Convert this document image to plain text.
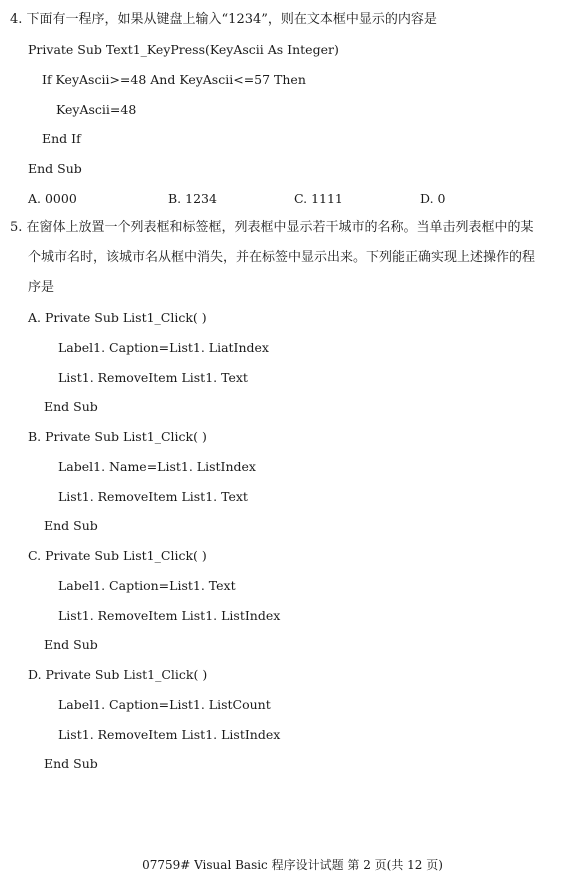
4. 下面有一程序，如果从键盘上输入“1234”，则在文本框中显示的内容是
Private Sub Text1_KeyPress(KeyAscii As Integer)
If KeyAscii>=48 And KeyAscii<=57 Then
KeyAscii=48
End If
End Sub
A. 0000	B. 1234	C. 1111	D. 0
5. 在窗体上放置一个列表框和标签框，列表框中显示若干城市的名称。当单击列表框中的某
个城市名时，该城市名从框中消失，并在标签中显示出来。下列能正确实现上述操作的程
序是
A. Private Sub List1_Click( )
Label1. Caption=List1. LiatIndex
List1. RemoveItem List1. Text
End Sub
B. Private Sub List1_Click( )
Label1. Name=List1. ListIndex
List1. RemoveItem List1. Text
End Sub
C. Private Sub List1_Click( )
Label1. Caption=List1. Text
List1. RemoveItem List1. ListIndex
End Sub
D. Private Sub List1_Click( )
Label1. Caption=List1. ListCount
List1. RemoveItem List1. ListIndex
End Sub
07759# Visual Basic 程序设计试题 第 2 页(共 12 页)
